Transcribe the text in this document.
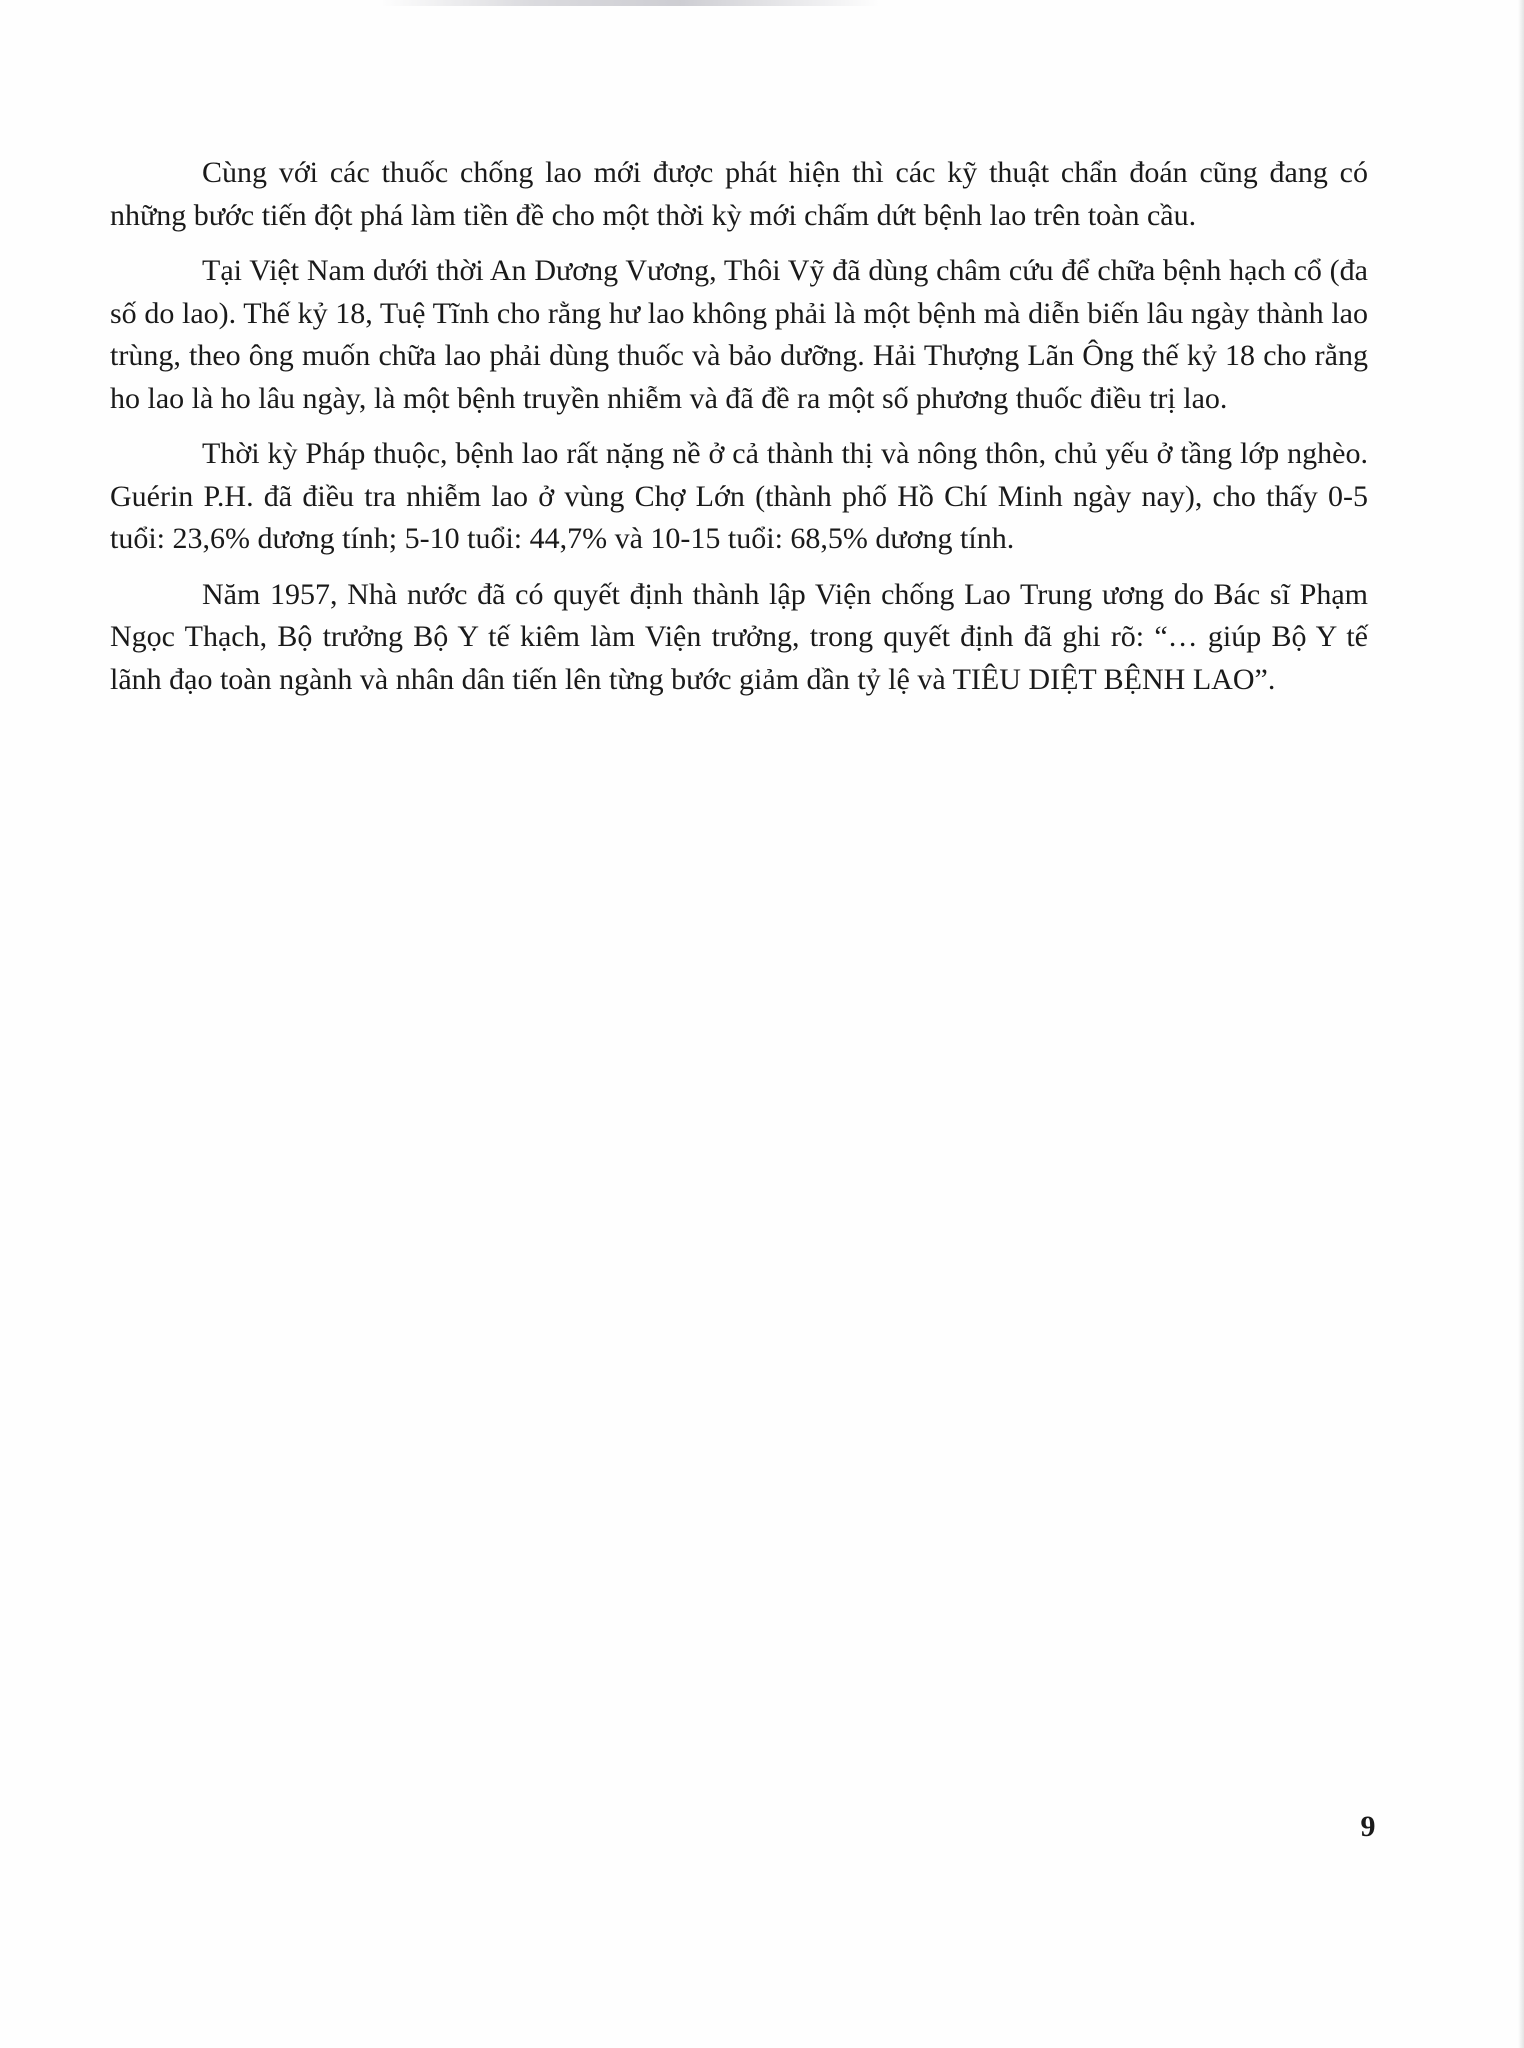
Cùng với các thuốc chống lao mới được phát hiện thì các kỹ thuật chẩn đoán cũng đang có những bước tiến đột phá làm tiền đề cho một thời kỳ mới chấm dứt bệnh lao trên toàn cầu.

Tại Việt Nam dưới thời An Dương Vương, Thôi Vỹ đã dùng châm cứu để chữa bệnh hạch cổ (đa số do lao). Thế kỷ 18, Tuệ Tĩnh cho rằng hư lao không phải là một bệnh mà diễn biến lâu ngày thành lao trùng, theo ông muốn chữa lao phải dùng thuốc và bảo dưỡng. Hải Thượng Lãn Ông thế kỷ 18 cho rằng ho lao là ho lâu ngày, là một bệnh truyền nhiễm và đã đề ra một số phương thuốc điều trị lao.

Thời kỳ Pháp thuộc, bệnh lao rất nặng nề ở cả thành thị và nông thôn, chủ yếu ở tầng lớp nghèo. Guérin P.H. đã điều tra nhiễm lao ở vùng Chợ Lớn (thành phố Hồ Chí Minh ngày nay), cho thấy 0-5 tuổi: 23,6% dương tính; 5-10 tuổi: 44,7% và 10-15 tuổi: 68,5% dương tính.

Năm 1957, Nhà nước đã có quyết định thành lập Viện chống Lao Trung ương do Bác sĩ Phạm Ngọc Thạch, Bộ trưởng Bộ Y tế kiêm làm Viện trưởng, trong quyết định đã ghi rõ: “… giúp Bộ Y tế lãnh đạo toàn ngành và nhân dân tiến lên từng bước giảm dần tỷ lệ và TIÊU DIỆT BỆNH LAO”.

9
